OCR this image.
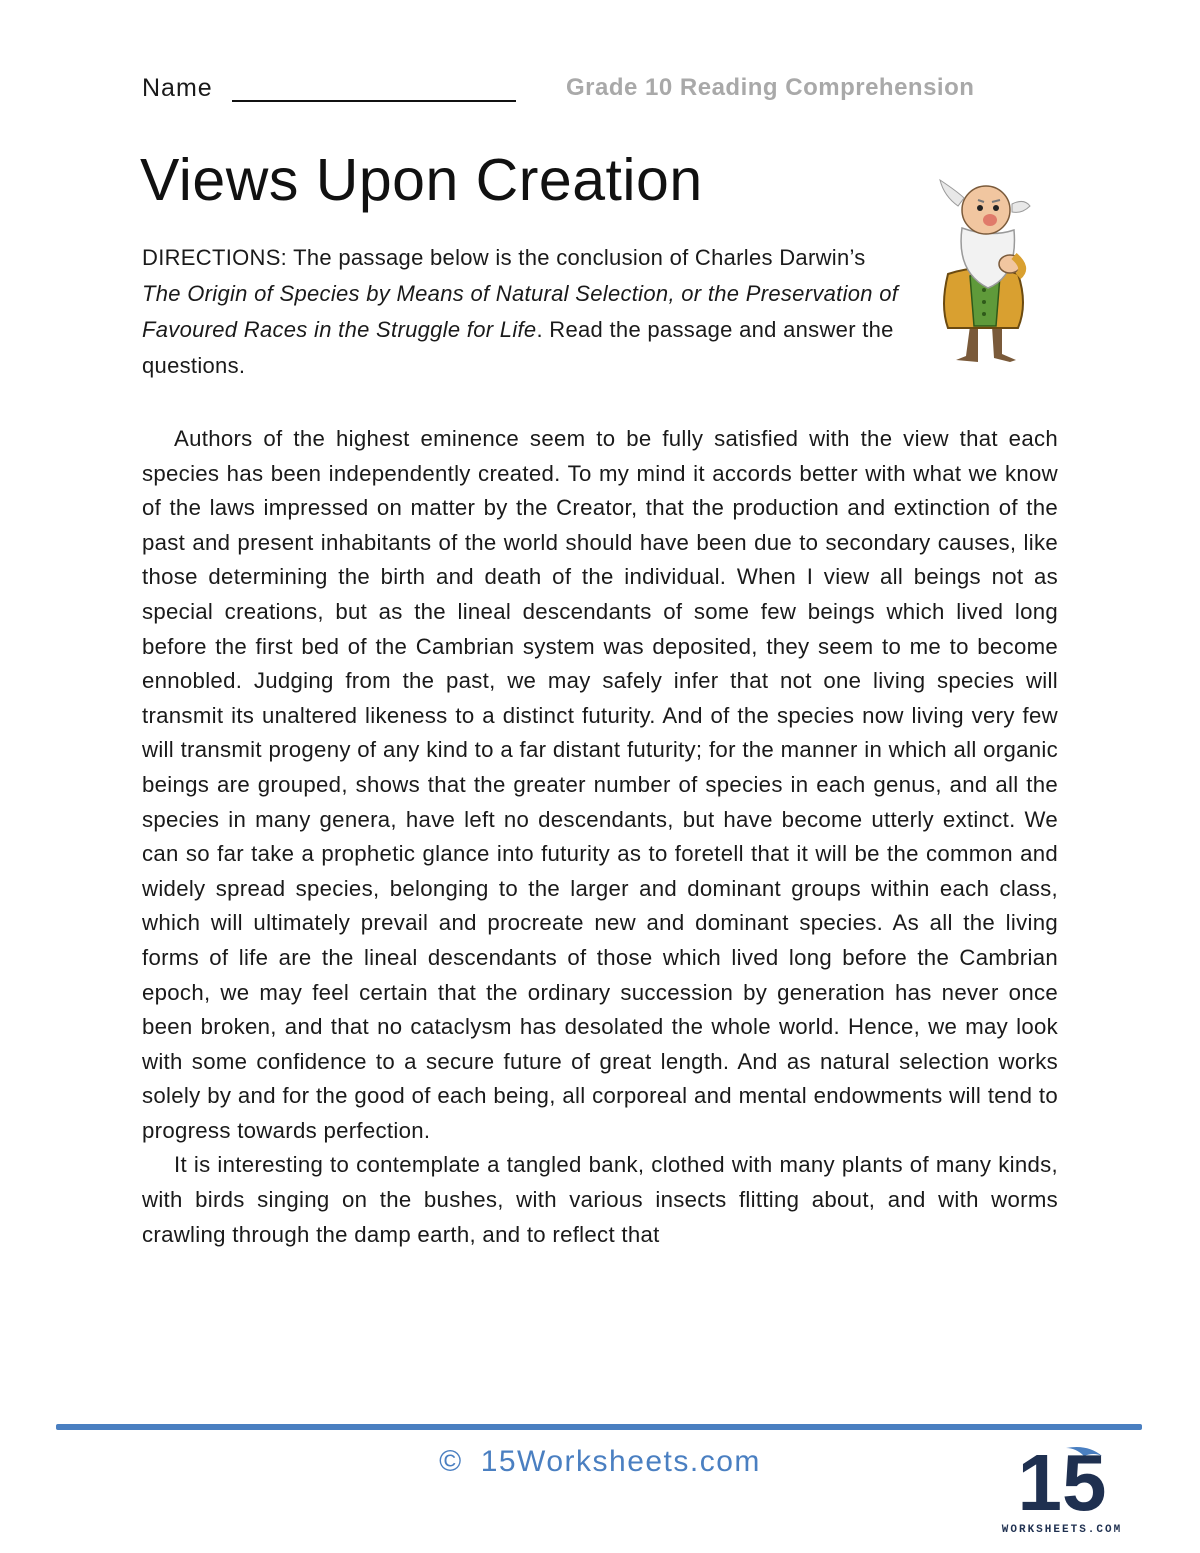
Name	Grade 10 Reading Comprehension
Views Upon Creation
DIRECTIONS: The passage below is the conclusion of Charles Darwin’s The Origin of Species by Means of Natural Selection, or the Preservation of Favoured Races in the Struggle for Life. Read the passage and answer the questions.

Authors of the highest eminence seem to be fully satisfied with the view that each species has been independently created. To my mind it accords better with what we know of the laws impressed on matter by the Creator, that the production and extinction of the past and present inhabitants of the world should have been due to secondary causes, like those determining the birth and death of the individual. When I view all beings not as special creations, but as the lineal descendants of some few beings which lived long before the first bed of the Cambrian system was deposited, they seem to me to become ennobled. Judging from the past, we may safely infer that not one living species will transmit its unaltered likeness to a distinct futurity. And of the species now living very few will transmit progeny of any kind to a far distant futurity; for the manner in which all organic beings are grouped, shows that the greater number of species in each genus, and all the species in many genera, have left no descendants, but have become utterly extinct. We can so far take a prophetic glance into futurity as to foretell that it will be the common and widely spread species, belonging to the larger and dominant groups within each class, which will ultimately prevail and procreate new and dominant species. As all the living forms of life are the lineal descendants of those which lived long before the Cambrian epoch, we may feel certain that the ordinary succession by generation has never once been broken, and that no cataclysm has desolated the whole world. Hence, we may look with some confidence to a secure future of great length. And as natural selection works solely by and for the good of each being, all corporeal and mental endowments will tend to progress towards perfection.

It is interesting to contemplate a tangled bank, clothed with many plants of many kinds, with birds singing on the bushes, with various insects flitting about, and with worms crawling through the damp earth, and to reflect that

© 15Worksheets.com	15
WORKSHEETS.COM
